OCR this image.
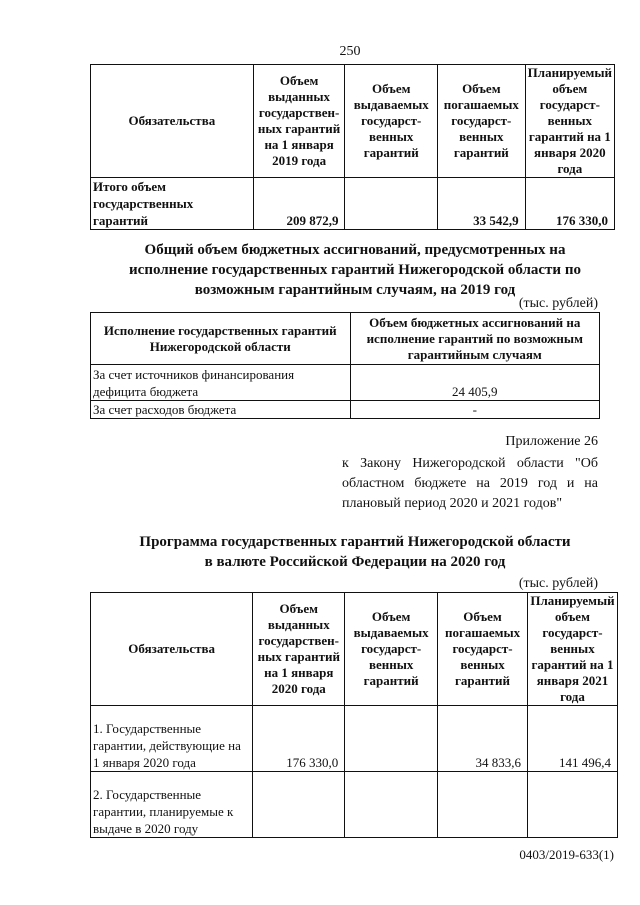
250
Обязательства	Объем выданных государствен-ных гарантий на 1 января 2019 года	Объем выдаваемых государст-венных гарантий	Объем погашаемых государст-венных гарантий	Планируемый объем государст-венных гарантий на 1 января 2020 года
Итого объем государственных гарантий	209 872,9		33 542,9	176 330,0
Общий объем бюджетных ассигнований, предусмотренных на исполнение государственных гарантий Нижегородской области по возможным гарантийным случаям, на 2019 год
(тыс. рублей)
Исполнение государственных гарантий Нижегородской области	Объем бюджетных ассигнований на исполнение гарантий по возможным гарантийным случаям
За счет источников финансирования дефицита бюджета	24 405,9
За счет расходов бюджета	-
Приложение 26
к Закону Нижегородской области "Об областном бюджете на 2019 год и на плановый период 2020 и 2021 годов"
Программа государственных гарантий Нижегородской области
в валюте Российской Федерации на 2020 год
(тыс. рублей)
Обязательства	Объем выданных государствен-ных гарантий на 1 января 2020 года	Объем выдаваемых государст-венных гарантий	Объем погашаемых государст-венных гарантий	Планируемый объем государст-венных гарантий на 1 января 2021 года
1. Государственные гарантии, действующие на 1 января 2020 года	176 330,0		34 833,6	141 496,4
2. Государственные гарантии, планируемые к выдаче в 2020 году				
0403/2019-633(1)
